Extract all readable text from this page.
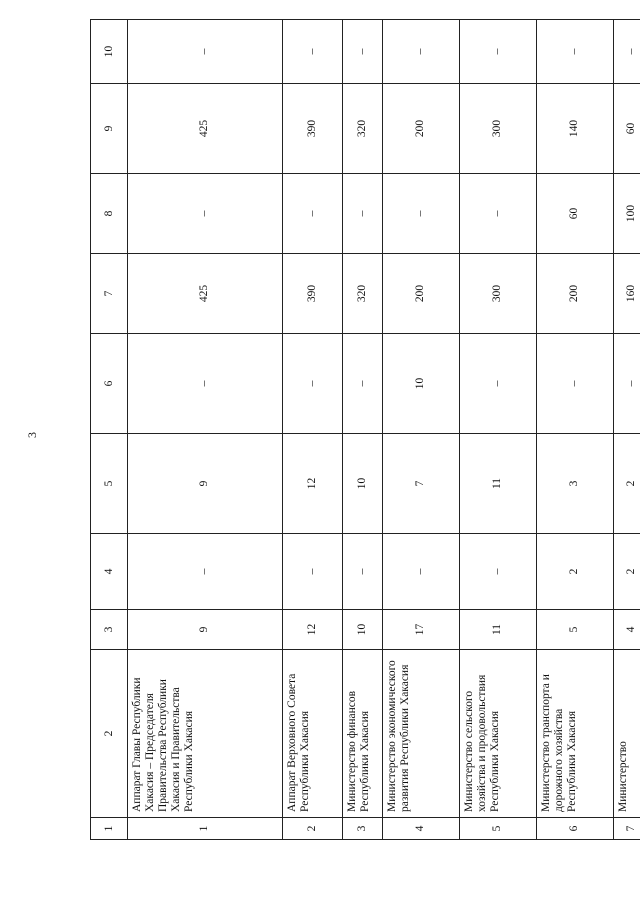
3
1	2	3	4	5	6	7	8	9	10
1	Аппарат Главы Республики Хакасия – Председателя Правительства Республики Хакасия и Правительства Республики Хакасия	9	–	9	–	425	–	425	–
2	Аппарат Верховного Совета Республики Хакасия	12	–	12	–	390	–	390	–
3	Министерство финансов Республики Хакасия	10	–	10	–	320	–	320	–
4	Министерство экономического развития Республики Хакасия	17	–	7	10	200	–	200	–
5	Министерство сельского хозяйства и продовольствия Республики Хакасия	11	–	11	–	300	–	300	–
6	Министерство транспорта и дорожного хозяйства Республики Хакасия	5	2	3	–	200	60	140	–
7	Министерство	4	2	2	–	160	100	60	–
